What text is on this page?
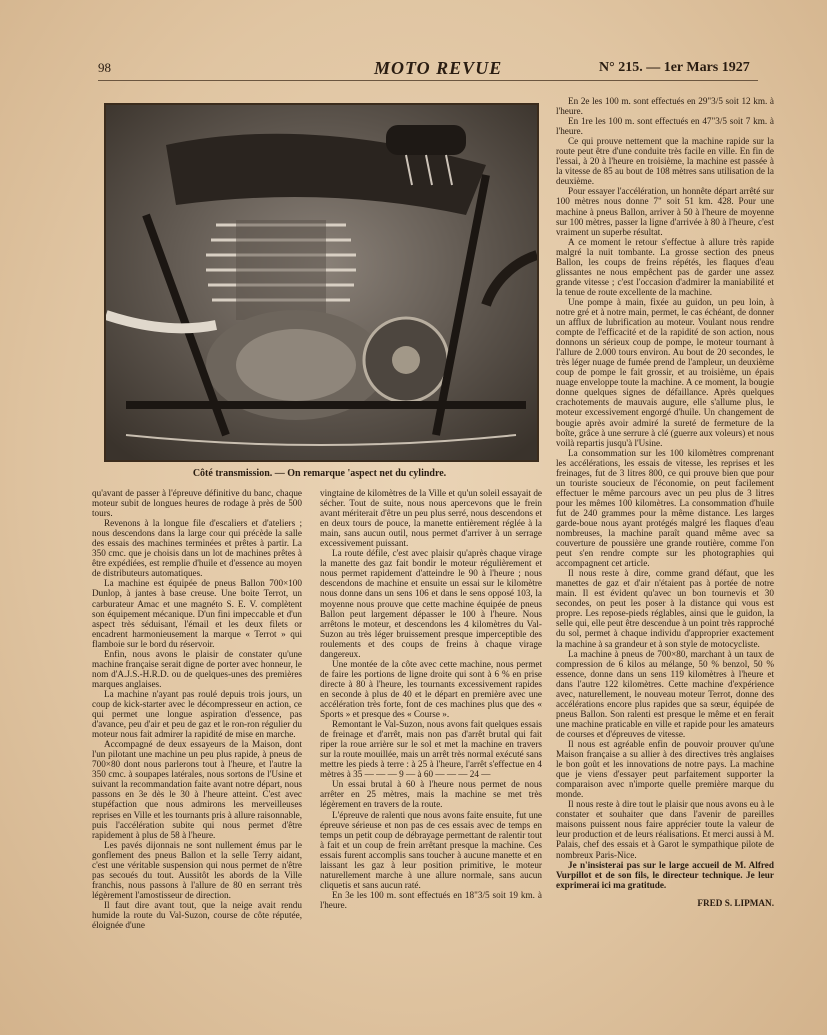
98	MOTO REVUE	N° 215. — 1er Mars 1927
Côté transmission. — On remarque 'aspect net du cylindre.

qu'avant de passer à l'épreuve définitive du banc, chaque moteur subit de longues heures de rodage à près de 500 tours.

Revenons à la longue file d'escaliers et d'ateliers ; nous descendons dans la large cour qui précède la salle des essais des machines terminées et prêtes à partir. La 350 cmc. que je choisis dans un lot de machines prêtes à être expédiées, est remplie d'huile et d'essence au moyen de distributeurs automatiques.

La machine est équipée de pneus Ballon 700×100 Dunlop, à jantes à base creuse. Une boite Terrot, un carburateur Amac et une magnéto S. E. V. complètent son équipement mécanique. D'un fini impeccable et d'un aspect très séduisant, l'émail et les deux filets or encadrent harmonieusement la marque « Terrot » qui flamboie sur le bord du réservoir.

Enfin, nous avons le plaisir de constater qu'une machine française serait digne de porter avec honneur, le nom d'A.J.S.-H.R.D. ou de quelques-unes des premières marques anglaises.

La machine n'ayant pas roulé depuis trois jours, un coup de kick-starter avec le décompresseur en action, ce qui permet une longue aspiration d'essence, pas d'avance, peu d'air et peu de gaz et le ron-ron régulier du moteur nous fait admirer la rapidité de mise en marche.

Accompagné de deux essayeurs de la Maison, dont l'un pilotant une machine un peu plus rapide, à pneus de 700×80 dont nous parlerons tout à l'heure, et l'autre la 350 cmc. à soupapes latérales, nous sortons de l'Usine et suivant la recommandation faite avant notre départ, nous passons en 3e dès le 30 à l'heure atteint. C'est avec stupéfaction que nous admirons les merveilleuses reprises en Ville et les tournants pris à allure raisonnable, puis l'accélération subite qui nous permet d'être rapidement à plus de 58 à l'heure.

Les pavés dijonnais ne sont nullement émus par le gonflement des pneus Ballon et la selle Terry aidant, c'est une véritable suspension qui nous permet de n'être pas secoués du tout. Aussitôt les abords de la Ville franchis, nous passons à l'allure de 80 en serrant très légèrement l'amostisseur de direction.

Il faut dire avant tout, que la neige avait rendu humide la route du Val-Suzon, course de côte réputée, éloignée d'une

vingtaine de kilomètres de la Ville et qu'un soleil essayait de sécher. Tout de suite, nous nous apercevons que le frein avant mériterait d'être un peu plus serré, nous descendons et en deux tours de pouce, la manette entièrement réglée à la main, sans aucun outil, nous permet d'arriver à un serrage excessivement puissant.

La route défile, c'est avec plaisir qu'après chaque virage la manette des gaz fait bondir le moteur régulièrement et nous permet rapidement d'atteindre le 90 à l'heure ; nous descendons de machine et ensuite un essai sur le kilomètre nous donne dans un sens 106 et dans le sens opposé 103, la moyenne nous prouve que cette machine équipée de pneus Ballon peut largement dépasser le 100 à l'heure. Nous arrêtons le moteur, et descendons les 4 kilomètres du Val-Suzon au très léger bruissement presque imperceptible des roulements et des coups de freins à chaque virage dangereux.

Une montée de la côte avec cette machine, nous permet de faire les portions de ligne droite qui sont à 6 % en prise directe à 80 à l'heure, les tournants excessivement rapides en seconde à plus de 40 et le départ en première avec une accélération très forte, font de ces machines plus que des « Sports » et presque des « Course ».

Remontant le Val-Suzon, nous avons fait quelques essais de freinage et d'arrêt, mais non pas d'arrêt brutal qui fait riper la roue arrière sur le sol et met la machine en travers sur la route mouillée, mais un arrêt très normal exécuté sans mettre les pieds à terre : à 25 à l'heure, l'arrêt s'effectue en 4 mètres à 35 — — — 9 — à 60 — — — 24 —

Un essai brutal à 60 à l'heure nous permet de nous arrêter en 25 mètres, mais la machine se met très légèrement en travers de la route.

L'épreuve de ralenti que nous avons faite ensuite, fut une épreuve sérieuse et non pas de ces essais avec de temps en temps un petit coup de débrayage permettant de ralentir tout à fait et un coup de frein arrêtant presque la machine. Ces essais furent accomplis sans toucher à aucune manette et en laissant les gaz à leur position primitive, le moteur naturellement marche à une allure normale, sans aucun cliquetis et sans aucun raté.

En 3e les 100 m. sont effectués en 18"3/5 soit 19 km. à l'heure.

En 2e les 100 m. sont effectués en 29"3/5 soit 12 km. à l'heure.

En 1re les 100 m. sont effectués en 47"3/5 soit 7 km. à l'heure.

Ce qui prouve nettement que la machine rapide sur la route peut être d'une conduite très facile en ville. En fin de l'essai, à 20 à l'heure en troisième, la machine est passée à la vitesse de 85 au bout de 108 mètres sans utilisation de la deuxième.

Pour essayer l'accélération, un honnête départ arrêté sur 100 mètres nous donne 7" soit 51 km. 428. Pour une machine à pneus Ballon, arriver à 50 à l'heure de moyenne sur 100 mètres, passer la ligne d'arrivée à 80 à l'heure, c'est vraiment un superbe résultat.

A ce moment le retour s'effectue à allure très rapide malgré la nuit tombante. La grosse section des pneus Ballon, les coups de freins répétés, les flaques d'eau glissantes ne nous empêchent pas de garder une assez grande vitesse ; c'est l'occasion d'admirer la maniabilité et la tenue de route excellente de la machine.

Une pompe à main, fixée au guidon, un peu loin, à notre gré et à notre main, permet, le cas échéant, de donner un afflux de lubrification au moteur. Voulant nous rendre compte de l'efficacité et de la rapidité de son action, nous donnons un sérieux coup de pompe, le moteur tournant à l'allure de 2.000 tours environ. Au bout de 20 secondes, le très léger nuage de fumée prend de l'ampleur, un deuxième coup de pompe le fait grossir, et au troisième, un épais nuage enveloppe toute la machine. A ce moment, la bougie donne quelques signes de défaillance. Après quelques crachotements de mauvais augure, elle s'allume plus, le moteur excessivement engorgé d'huile. Un changement de bougie après avoir admiré la sureté de fermeture de la boîte, grâce à une serrure à clé (guerre aux voleurs) et nous voilà repartis jusqu'à l'Usine.

La consommation sur les 100 kilomètres comprenant les accélérations, les essais de vitesse, les reprises et les freinages, fut de 3 litres 800, ce qui prouve bien que pour un touriste soucieux de l'économie, on peut facilement effectuer le même parcours avec un peu plus de 3 litres pour les mêmes 100 kilomètres. La consommation d'huile fut de 240 grammes pour la même distance. Les larges garde-boue nous ayant protégés malgré les flaques d'eau nombreuses, la machine paraît quand même avec sa couverture de poussière une grande routière, comme l'on peut s'en rendre compte sur les photographies qui accompagnent cet article.

Il nous reste à dire, comme grand défaut, que les manettes de gaz et d'air n'étaient pas à portée de notre main. Il est évident qu'avec un bon tournevis et 30 secondes, on peut les poser à la distance qui vous est propre. Les repose-pieds réglables, ainsi que le guidon, la selle qui, elle peut être descendue à un point très rapproché du sol, permet à chaque individu d'approprier exactement la machine à sa grandeur et à son style de motocycliste.

La machine à pneus de 700×80, marchant à un taux de compression de 6 kilos au mélange, 50 % benzol, 50 % essence, donne dans un sens 119 kilomètres à l'heure et dans l'autre 122 kilomètres. Cette machine d'expérience avec, naturellement, le nouveau moteur Terrot, donne des accélérations encore plus rapides que sa sœur, équipée de pneus Ballon. Son ralenti est presque le même et en ferait une machine praticable en ville et rapide pour les amateurs de courses et d'épreuves de vitesse.

Il nous est agréable enfin de pouvoir prouver qu'une Maison française a su allier à des directives très anglaises le bon goût et les innovations de notre pays. La machine que je viens d'essayer peut parfaitement supporter la comparaison avec n'importe quelle première marque du monde.

Il nous reste à dire tout le plaisir que nous avons eu à le constater et souhaiter que dans l'avenir de pareilles maisons puissent nous faire apprécier toute la valeur de leur production et de leurs réalisations. Et merci aussi à M. Palais, chef des essais et à Garot le sympathique pilote de nombreux Paris-Nice.

Je n'insisterai pas sur le large accueil de M. Alfred Vurpillot et de son fils, le directeur technique. Je leur exprimerai ici ma gratitude.

FRED S. LIPMAN.
